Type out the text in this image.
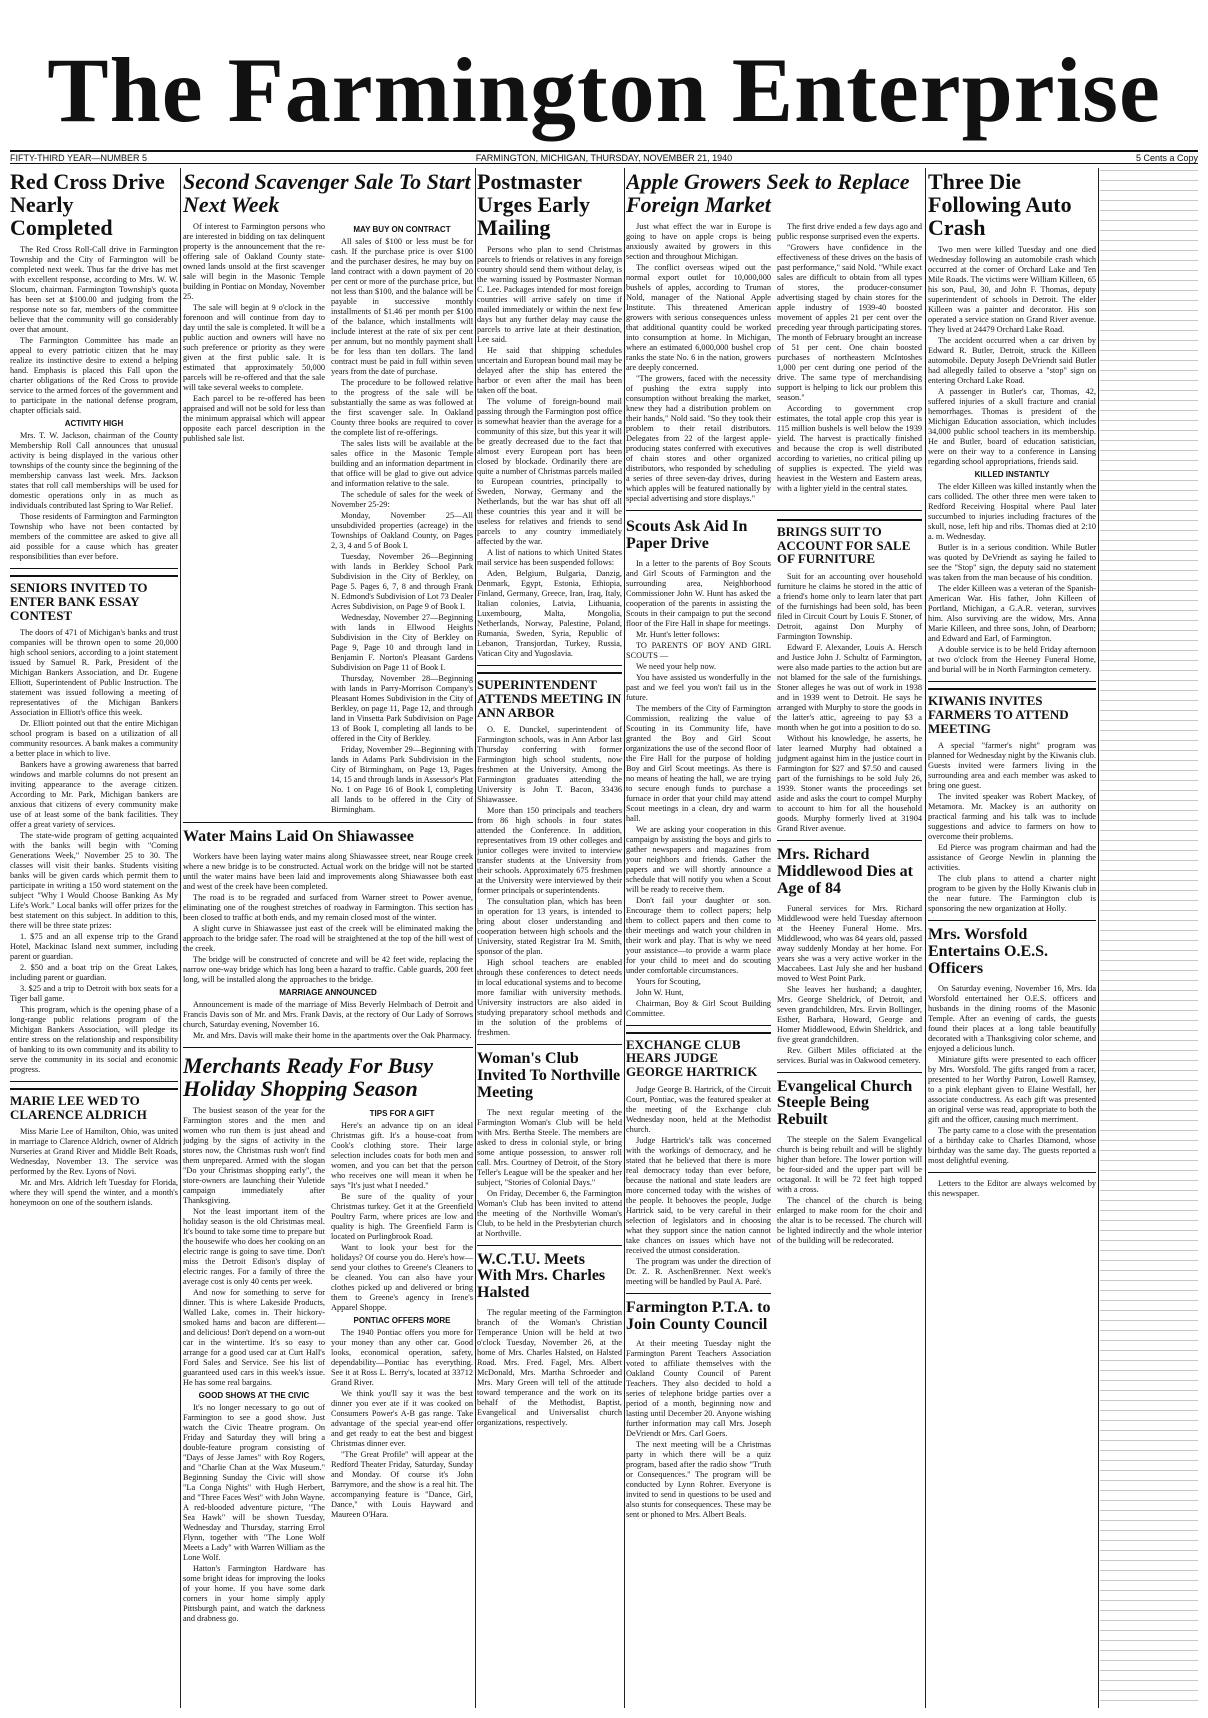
The Farmington Enterprise
FIFTY-THIRD YEAR—NUMBER 5	FARMINGTON, MICHIGAN, THURSDAY, NOVEMBER 21, 1940	5 Cents a Copy
Red Cross Drive Nearly Completed

The Red Cross Roll-Call drive in Farmington Township and the City of Farmington will be completed next week. Thus far the drive has met with excellent response, according to Mrs. W. W. Slocum, chairman. Farmington Township's quota has been set at $100.00 and judging from the response note so far, members of the committee believe that the community will go considerably over that amount.

The Farmington Committee has made an appeal to every patriotic citizen that he may realize its instinctive desire to extend a helping hand. Emphasis is placed this Fall upon the charter obligations of the Red Cross to provide service to the armed forces of the government and to participate in the national defense program, chapter officials said.

ACTIVITY HIGH

Mrs. T. W. Jackson, chairman of the County Membership Roll Call announces that unusual activity is being displayed in the various other townships of the county since the beginning of the membership canvass last week. Mrs. Jackson states that roll call memberships will be used for domestic operations only in as much as individuals contributed last Spring to War Relief.

Those residents of Farmington and Farmington Township who have not been contacted by members of the committee are asked to give all aid possible for a cause which has greater responsibilities than ever before.

SENIORS INVITED TO ENTER BANK ESSAY CONTEST

The doors of 471 of Michigan's banks and trust companies will be thrown open to some 20,000 high school seniors, according to a joint statement issued by Samuel R. Park, President of the Michigan Bankers Association, and Dr. Eugene Elliott, Superintendent of Public Instruction. The statement was issued following a meeting of representatives of the Michigan Bankers Association in Elliott's office this week.

Dr. Elliott pointed out that the entire Michigan school program is based on a utilization of all community resources. A bank makes a community a better place in which to live.

Bankers have a growing awareness that barred windows and marble columns do not present an inviting appearance to the average citizen. According to Mr. Park, Michigan bankers are anxious that citizens of every community make use of at least some of the bank facilities. They offer a great variety of services.

The state-wide program of getting acquainted with the banks will begin with "Coming Generations Week," November 25 to 30. The classes will visit their banks. Students visiting banks will be given cards which permit them to participate in writing a 150 word statement on the subject "Why I Would Choose Banking As My Life's Work." Local banks will offer prizes for the best statement on this subject. In addition to this, there will be three state prizes:

1. $75 and an all expense trip to the Grand Hotel, Mackinac Island next summer, including parent or guardian.

2. $50 and a boat trip on the Great Lakes, including parent or guardian.

3. $25 and a trip to Detroit with box seats for a Tiger ball game.

This program, which is the opening phase of a long-range public relations program of the Michigan Bankers Association, will pledge its entire stress on the relationship and responsibility of banking to its own community and its ability to serve the community in its social and economic progress.

MARIE LEE WED TO CLARENCE ALDRICH

Miss Marie Lee of Hamilton, Ohio, was united in marriage to Clarence Aldrich, owner of Aldrich Nurseries at Grand River and Middle Belt Roads, Wednesday, November 13. The service was performed by the Rev. Lyons of Novi.

Mr. and Mrs. Aldrich left Tuesday for Florida, where they will spend the winter, and a month's honeymoon on one of the southern islands.

Second Scavenger Sale To Start Next Week

Of interest to Farmington persons who are interested in bidding on tax delinquent property is the announcement that the re-offering sale of Oakland County state-owned lands unsold at the first scavenger sale will begin in the Masonic Temple building in Pontiac on Monday, November 25.

The sale will begin at 9 o'clock in the forenoon and will continue from day to day until the sale is completed. It will be a public auction and owners will have no such preference or priority as they were given at the first public sale. It is estimated that approximately 50,000 parcels will be re-offered and that the sale will take several weeks to complete.

Each parcel to be re-offered has been appraised and will not be sold for less than the minimum appraisal which will appear opposite each parcel description in the published sale list.

MAY BUY ON CONTRACT

All sales of $100 or less must be for cash. If the purchase price is over $100 and the purchaser desires, he may buy on land contract with a down payment of 20 per cent or more of the purchase price, but not less than $100, and the balance will be payable in successive monthly installments of $1.46 per month per $100 of the balance, which installments will include interest at the rate of six per cent per annum, but no monthly payment shall be for less than ten dollars. The land contract must be paid in full within seven years from the date of purchase.

The procedure to be followed relative to the progress of the sale will be substantially the same as was followed at the first scavenger sale. In Oakland County three books are required to cover the complete list of re-offerings.

The sales lists will be available at the sales office in the Masonic Temple building and an information department in that office will be glad to give out advice and information relative to the sale.

The schedule of sales for the week of November 25-29:

Monday, November 25—All unsubdivided properties (acreage) in the Townships of Oakland County, on Pages 2, 3, 4 and 5 of Book I.

Tuesday, November 26—Beginning with lands in Berkley School Park Subdivision in the City of Berkley, on Page 5. Pages 6, 7, 8 and through Frank N. Edmond's Subdivision of Lot 73 Dealer Acres Subdivision, on Page 9 of Book I.

Wednesday, November 27—Beginning with lands in Ellwood Heights Subdivision in the City of Berkley on Page 9, Page 10 and through land in Benjamin F. Norton's Pleasant Gardens Subdivision on Page 11 of Book I.

Thursday, November 28—Beginning with lands in Parry-Morrison Company's Pleasant Homes Subdivision in the City of Berkley, on page 11, Page 12, and through land in Vinsetta Park Subdivision on Page 13 of Book I, completing all lands to be offered in the City of Berkley.

Friday, November 29—Beginning with lands in Adams Park Subdivision in the City of Birmingham, on Page 13, Pages 14, 15 and through lands in Assessor's Plat No. 1 on Page 16 of Book I, completing all lands to be offered in the City of Birmingham.

Water Mains Laid On Shiawassee

Workers have been laying water mains along Shiawassee street, near Rouge creek where a new bridge is to be constructed. Actual work on the bridge will not be started until the water mains have been laid and improvements along Shiawassee both east and west of the creek have been completed.

The road is to be regraded and surfaced from Warner street to Power avenue, eliminating one of the roughest stretches of roadway in Farmington. This section has been closed to traffic at both ends, and my remain closed most of the winter.

A slight curve in Shiawassee just east of the creek will be eliminated making the approach to the bridge safer. The road will be straightened at the top of the hill west of the creek.

The bridge will be constructed of concrete and will be 42 feet wide, replacing the narrow one-way bridge which has long been a hazard to traffic. Cable guards, 200 feet long, will be installed along the approaches to the bridge.

MARRIAGE ANNOUNCED

Announcement is made of the marriage of Miss Beverly Helmbach of Detroit and Francis Davis son of Mr. and Mrs. Frank Davis, at the rectory of Our Lady of Sorrows church, Saturday evening, November 16.

Mr. and Mrs. Davis will make their home in the apartments over the Oak Pharmacy.

Merchants Ready For Busy Holiday Shopping Season

The busiest season of the year for the Farmington stores and the men and women who run them is just ahead and judging by the signs of activity in the stores now, the Christmas rush won't find them unprepared. Armed with the slogan "Do your Christmas shopping early", the store-owners are launching their Yuletide campaign immediately after Thanksgiving.

Not the least important item of the holiday season is the old Christmas meal. It's bound to take some time to prepare but the housewife who does her cooking on an electric range is going to save time. Don't miss the Detroit Edison's display of electric ranges. For a family of three the average cost is only 40 cents per week.

And now for something to serve for dinner. This is where Lakeside Products, Walled Lake, comes in. Their hickory-smoked hams and bacon are different—and delicious! Don't depend on a worn-out car in the wintertime. It's so easy to arrange for a good used car at Curt Hall's Ford Sales and Service. See his list of guaranteed used cars in this week's issue. He has some real bargains.

GOOD SHOWS AT THE CIVIC

It's no longer necessary to go out of Farmington to see a good show. Just watch the Civic Theatre program. On Friday and Saturday they will bring a double-feature program consisting of "Days of Jesse James" with Roy Rogers, and "Charlie Chan at the Wax Museum." Beginning Sunday the Civic will show "La Conga Nights" with Hugh Herbert, and "Three Faces West" with John Wayne. A red-blooded adventure picture, "The Sea Hawk" will be shown Tuesday, Wednesday and Thursday, starring Errol Flynn, together with "The Lone Wolf Meets a Lady" with Warren William as the Lone Wolf.

Hatton's Farmington Hardware has some bright ideas for improving the looks of your home. If you have some dark corners in your home simply apply Pittsburgh paint, and watch the darkness and drabness go.

TIPS FOR A GIFT

Here's an advance tip on an ideal Christmas gift. It's a house-coat from Cook's clothing store. Their large selection includes coats for both men and women, and you can bet that the person who receives one will mean it when he says "It's just what I needed."

Be sure of the quality of your Christmas turkey. Get it at the Greenfield Poultry Farm, where prices are low and quality is high. The Greenfield Farm is located on Purlingbrook Road.

Want to look your best for the holidays? Of course you do. Here's how—send your clothes to Greene's Cleaners to be cleaned. You can also have your clothes picked up and delivered or bring them to Greene's agency in Irene's Apparel Shoppe.

PONTIAC OFFERS MORE

The 1940 Pontiac offers you more for your money than any other car. Good looks, economical operation, safety, dependability—Pontiac has everything. See it at Ross L. Berry's, located at 33712 Grand River.

We think you'll say it was the best dinner you ever ate if it was cooked on Consumers Power's A-B gas range. Take advantage of the special year-end offer and get ready to eat the best and biggest Christmas dinner ever.

"The Great Profile" will appear at the Redford Theater Friday, Saturday, Sunday and Monday. Of course it's John Barrymore, and the show is a real hit. The accompanying feature is "Dance, Girl, Dance," with Louis Hayward and Maureen O'Hara.

Postmaster Urges Early Mailing

Persons who plan to send Christmas parcels to friends or relatives in any foreign country should send them without delay, is the warning issued by Postmaster Norman C. Lee. Packages intended for most foreign countries will arrive safely on time if mailed immediately or within the next few days but any further delay may cause the parcels to arrive late at their destination, Lee said.

He said that shipping schedules uncertain and European bound mail may be delayed after the ship has entered the harbor or even after the mail has been taken off the boat.

The volume of foreign-bound mail passing through the Farmington post office is somewhat heavier than the average for a community of this size, but this year it will be greatly decreased due to the fact that almost every European port has been closed by blockade. Ordinarily there are quite a number of Christmas parcels mailed to European countries, principally to Sweden, Norway, Germany and the Netherlands, but the war has shut off all these countries this year and it will be useless for relatives and friends to send parcels to any country immediately affected by the war.

A list of nations to which United States mail service has been suspended follows:

Aden, Belgium, Bulgaria, Danzig, Denmark, Egypt, Estonia, Ethiopia, Finland, Germany, Greece, Iran, Iraq, Italy, Italian colonies, Latvia, Lithuania, Luxembourg, Malta, Mongolia, Netherlands, Norway, Palestine, Poland, Rumania, Sweden, Syria, Republic of Lebanon, Transjordan, Turkey, Russia, Vatican City and Yugoslavia.

SUPERINTENDENT ATTENDS MEETING IN ANN ARBOR

O. E. Dunckel, superintendent of Farmington schools, was in Ann Arbor last Thursday conferring with former Farmington high school students, now freshmen at the University. Among the Farmington graduates attending the University is John T. Bacon, 33436 Shiawassee.

More than 150 principals and teachers from 86 high schools in four states attended the Conference. In addition, representatives from 19 other colleges and junior colleges were invited to interview transfer students at the University from their schools. Approximately 675 freshmen at the University were interviewed by their former principals or superintendents.

The consultation plan, which has been in operation for 13 years, is intended to bring about closer understanding and cooperation between high schools and the University, stated Registrar Ira M. Smith, sponsor of the plan.

High school teachers are enabled through these conferences to detect needs in local educational systems and to become more familiar with university methods. University instructors are also aided in studying preparatory school methods and in the solution of the problems of freshmen.

Woman's Club Invited To Northville Meeting

The next regular meeting of the Farmington Woman's Club will be held with Mrs. Bertha Steele. The members are asked to dress in colonial style, or bring some antique possession, to answer roll call. Mrs. Courtney of Detroit, of the Story Teller's League will be the speaker and her subject, "Stories of Colonial Days."

On Friday, December 6, the Farmington Woman's Club has been invited to attend the meeting of the Northville Woman's Club, to be held in the Presbyterian church at Northville.

W.C.T.U. Meets With Mrs. Charles Halsted

The regular meeting of the Farmington branch of the Woman's Christian Temperance Union will be held at two o'clock Tuesday, November 26, at the home of Mrs. Charles Halsted, on Halsted Road. Mrs. Fred. Fagel, Mrs. Albert McDonald, Mrs. Martha Schroeder and Mrs. Mary Green will tell of the attitude toward temperance and the work on its behalf of the Methodist, Baptist, Evangelical and Universalist church organizations, respectively.

Apple Growers Seek to Replace Foreign Market

Just what effect the war in Europe is going to have on apple crops is being anxiously awaited by growers in this section and throughout Michigan.

The conflict overseas wiped out the normal export outlet for 10,000,000 bushels of apples, according to Truman Nold, manager of the National Apple Institute. This threatened American growers with serious consequences unless that additional quantity could be worked into consumption at home. In Michigan, where an estimated 6,000,000 bushel crop ranks the state No. 6 in the nation, growers are deeply concerned.

"The growers, faced with the necessity of pushing the extra supply into consumption without breaking the market, knew they had a distribution problem on their hands," Nold said. "So they took their problem to their retail distributors. Delegates from 22 of the largest apple-producing states conferred with executives of chain stores and other organized distributors, who responded by scheduling a series of three seven-day drives, during which apples will be featured nationally by special advertising and store displays."

The first drive ended a few days ago and public response surprised even the experts.

"Growers have confidence in the effectiveness of these drives on the basis of past performance," said Nold. "While exact sales are difficult to obtain from all types of stores, the producer-consumer advertising staged by chain stores for the apple industry of 1939-40 boosted movement of apples 21 per cent over the preceding year through participating stores. The month of February brought an increase of 51 per cent. One chain boosted purchases of northeastern McIntoshes 1,000 per cent during one period of the drive. The same type of merchandising support is helping to lick our problem this season."

According to government crop estimates, the total apple crop this year is 115 million bushels is well below the 1939 yield. The harvest is practically finished and because the crop is well distributed according to varieties, no critical piling up of supplies is expected. The yield was heaviest in the Western and Eastern areas, with a lighter yield in the central states.

Scouts Ask Aid In Paper Drive

In a letter to the parents of Boy Scouts and Girl Scouts of Farmington and the surrounding area, Neighborhood Commissioner John W. Hunt has asked the cooperation of the parents in assisting the Scouts in their campaign to put the second floor of the Fire Hall in shape for meetings.

Mr. Hunt's letter follows:

TO PARENTS OF BOY AND GIRL SCOUTS —

We need your help now.

You have assisted us wonderfully in the past and we feel you won't fail us in the future.

The members of the City of Farmington Commission, realizing the value of Scouting in its Community life, have granted the Boy and Girl Scout organizations the use of the second floor of the Fire Hall for the purpose of holding Boy and Girl Scout meetings. As there is no means of heating the hall, we are trying to secure enough funds to purchase a furnace in order that your child may attend Scout meetings in a clean, dry and warm hall.

We are asking your cooperation in this campaign by assisting the boys and girls to gather newspapers and magazines from your neighbors and friends. Gather the papers and we will shortly announce a schedule that will notify you when a Scout will be ready to receive them.

Don't fail your daughter or son. Encourage them to collect papers; help them to collect papers and then come to their meetings and watch your children in their work and play. That is why we need your assistance—to provide a warm place for your child to meet and do scouting under comfortable circumstances.

Yours for Scouting,

John W. Hunt,

Chairman, Boy & Girl Scout Building Committee.

EXCHANGE CLUB HEARS JUDGE GEORGE HARTRICK

Judge George B. Hartrick, of the Circuit Court, Pontiac, was the featured speaker at the meeting of the Exchange club Wednesday noon, held at the Methodist church.

Judge Hartrick's talk was concerned with the workings of democracy, and he stated that he believed that there is more real democracy today than ever before, because the national and state leaders are more concerned today with the wishes of the people. It behooves the people, Judge Hartrick said, to be very careful in their selection of legislators and in choosing what they support since the nation cannot take chances on issues which have not received the utmost consideration.

The program was under the direction of Dr. Z. R. AschenBrenner. Next week's meeting will be handled by Paul A. Paré.

Farmington P.T.A. to Join County Council

At their meeting Tuesday night the Farmington Parent Teachers Association voted to affiliate themselves with the Oakland County Council of Parent Teachers. They also decided to hold a series of telephone bridge parties over a period of a month, beginning now and lasting until December 20. Anyone wishing further information may call Mrs. Joseph DeVriendt or Mrs. Carl Goers.

The next meeting will be a Christmas party in which there will be a quiz program, based after the radio show "Truth or Consequences." The program will be conducted by Lynn Rohrer. Everyone is invited to send in questions to be used and also stunts for consequences. These may be sent or phoned to Mrs. Albert Beals.

BRINGS SUIT TO ACCOUNT FOR SALE OF FURNITURE

Suit for an accounting over household furniture he claims he stored in the attic of a friend's home only to learn later that part of the furnishings had been sold, has been filed in Circuit Court by Louis F. Stoner, of Detroit, against Don Murphy of Farmington Township.

Edward F. Alexander, Louis A. Hersch and Justice John J. Schultz of Farmington, were also made parties to the action but are not blamed for the sale of the furnishings. Stoner alleges he was out of work in 1938 and in 1939 went to Detroit. He says he arranged with Murphy to store the goods in the latter's attic, agreeing to pay $3 a month when he got into a position to do so.

Without his knowledge, he asserts, he later learned Murphy had obtained a judgment against him in the justice court in Farmington for $27 and $7.50 and caused part of the furnishings to be sold July 26, 1939. Stoner wants the proceedings set aside and asks the court to compel Murphy to account to him for all the household goods. Murphy formerly lived at 31904 Grand River avenue.

Mrs. Richard Middlewood Dies at Age of 84

Funeral services for Mrs. Richard Middlewood were held Tuesday afternoon at the Heeney Funeral Home. Mrs. Middlewood, who was 84 years old, passed away suddenly Monday at her home. For years she was a very active worker in the Maccabees. Last July she and her husband moved to West Point Park.

She leaves her husband; a daughter, Mrs. George Sheldrick, of Detroit, and seven grandchildren, Mrs. Ervin Bollinger, Esther, Barbara, Howard, George and Homer Middlewood, Edwin Sheldrick, and five great grandchildren.

Rev. Gilbert Miles officiated at the services. Burial was in Oakwood cemetery.

Evangelical Church Steeple Being Rebuilt

The steeple on the Salem Evangelical church is being rebuilt and will be slightly higher than before. The lower portion will be four-sided and the upper part will be octagonal. It will be 72 feet high topped with a cross.

The chancel of the church is being enlarged to make room for the choir and the altar is to be recessed. The church will be lighted indirectly and the whole interior of the building will be redecorated.

Three Die Following Auto Crash

Two men were killed Tuesday and one died Wednesday following an automobile crash which occurred at the corner of Orchard Lake and Ten Mile Roads. The victims were William Killeen, 65 his son, Paul, 30, and John F. Thomas, deputy superintendent of schools in Detroit. The elder Killeen was a painter and decorator. His son operated a service station on Grand River avenue. They lived at 24479 Orchard Lake Road.

The accident occurred when a car driven by Edward R. Butler, Detroit, struck the Killeen automobile. Deputy Joseph DeVriendt said Butler had allegedly failed to observe a "stop" sign on entering Orchard Lake Road.

A passenger in Butler's car, Thomas, 42, suffered injuries of a skull fracture and cranial hemorrhages. Thomas is president of the Michigan Education association, which includes 34,000 public school teachers in its membership. He and Butler, board of education satistician, were on their way to a conference in Lansing regarding school appropriations, friends said.

KILLED INSTANTLY

The elder Killeen was killed instantly when the cars collided. The other three men were taken to Redford Receiving Hospital where Paul later succumbed to injuries including fractures of the skull, nose, left hip and ribs. Thomas died at 2:10 a. m. Wednesday.

Butler is in a serious condition. While Butler was quoted by DeVriendt as saying he failed to see the "Stop" sign, the deputy said no statement was taken from the man because of his condition.

The elder Killeen was a veteran of the Spanish-American War. His father, John Killeen of Portland, Michigan, a G.A.R. veteran, survives him. Also surviving are the widow, Mrs. Anna Marie Killeen, and three sons, John, of Dearborn; and Edward and Earl, of Farmington.

A double service is to be held Friday afternoon at two o'clock from the Heeney Funeral Home, and burial will be in North Farmington cemetery.

KIWANIS INVITES FARMERS TO ATTEND MEETING

A special "farmer's night" program was planned for Wednesday night by the Kiwanis club. Guests invited were farmers living in the surrounding area and each member was asked to bring one guest.

The invited speaker was Robert Mackey, of Metamora. Mr. Mackey is an authority on practical farming and his talk was to include suggestions and advice to farmers on how to overcome their problems.

Ed Pierce was program chairman and had the assistance of George Newlin in planning the activities.

The club plans to attend a charter night program to be given by the Holly Kiwanis club in the near future. The Farmington club is sponsoring the new organization at Holly.

Mrs. Worsfold Entertains O.E.S. Officers

On Saturday evening, November 16, Mrs. Ida Worsfold entertained her O.E.S. officers and husbands in the dining rooms of the Masonic Temple. After an evening of cards, the guests found their places at a long table beautifully decorated with a Thanksgiving color scheme, and enjoyed a delicious lunch.

Miniature gifts were presented to each officer by Mrs. Worsfold. The gifts ranged from a racer, presented to her Worthy Patron, Lowell Ramsey, to a pink elephant given to Elaine Westfall, her associate conductress. As each gift was presented an original verse was read, appropriate to both the gift and the officer, causing much merriment.

The party came to a close with the presentation of a birthday cake to Charles Diamond, whose birthday was the same day. The guests reported a most delightful evening.

Letters to the Editor are always welcomed by this newspaper.
